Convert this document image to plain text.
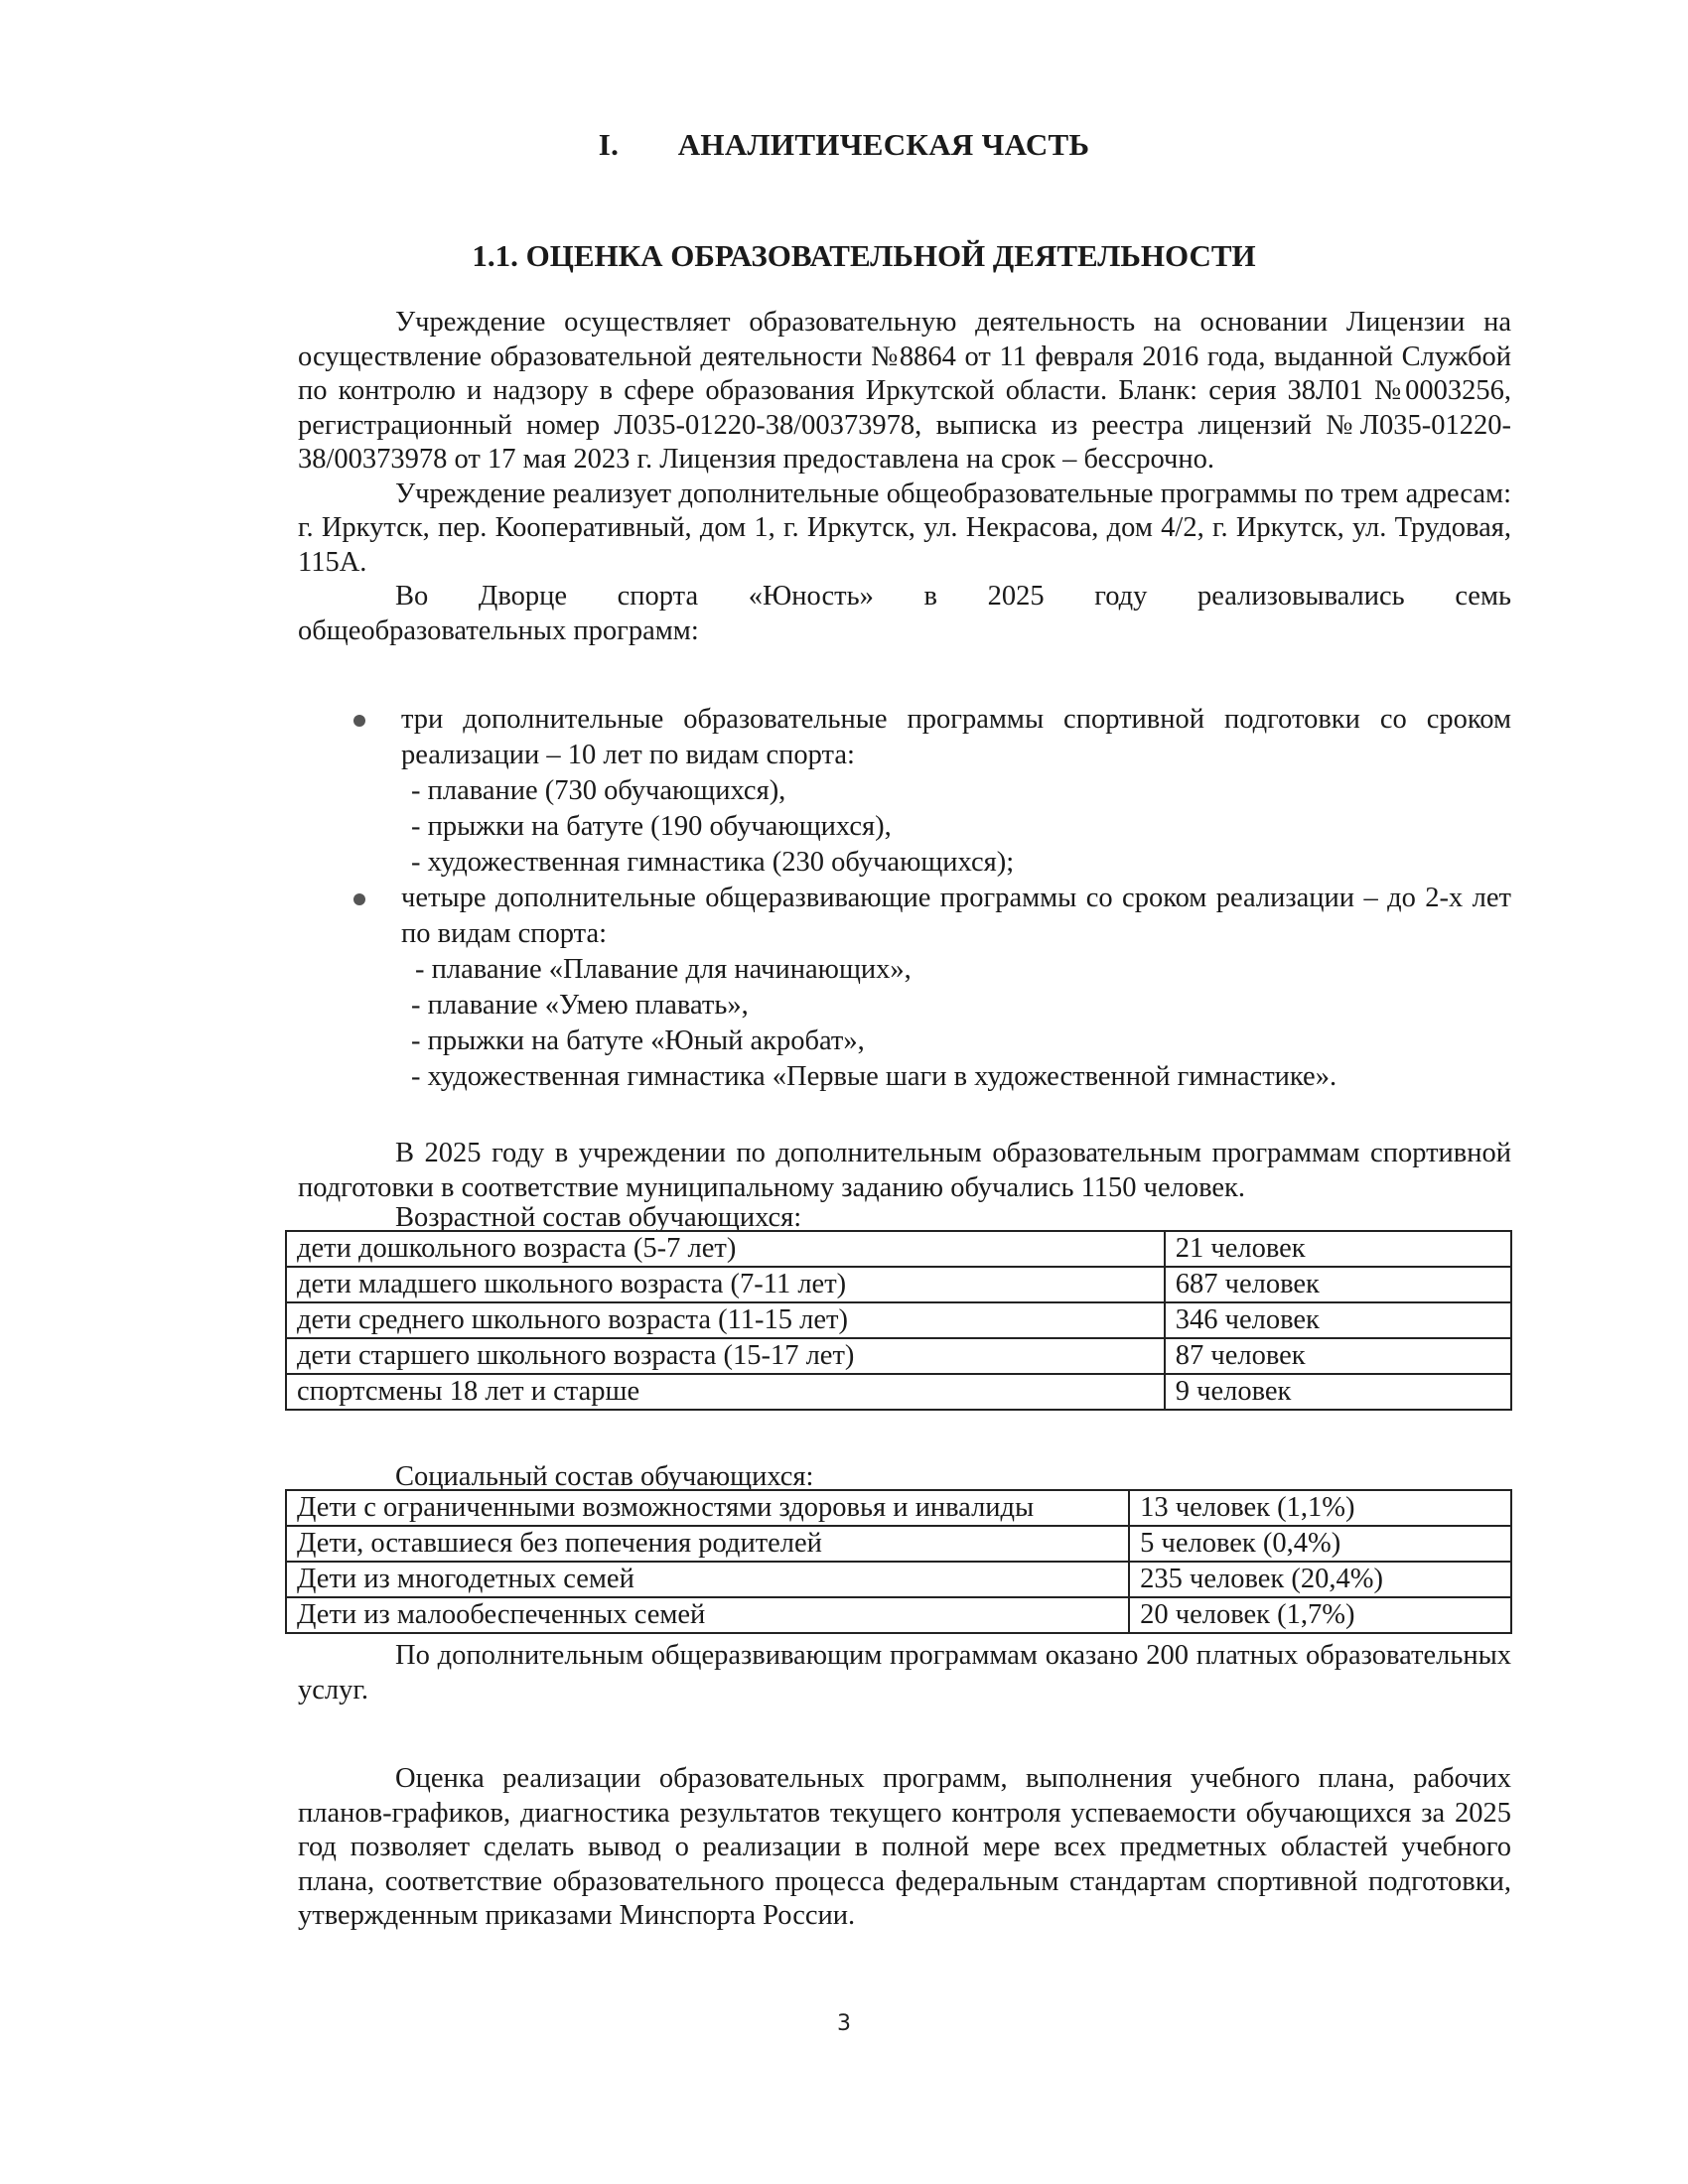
I. АНАЛИТИЧЕСКАЯ ЧАСТЬ
1.1. ОЦЕНКА ОБРАЗОВАТЕЛЬНОЙ ДЕЯТЕЛЬНОСТИ

Учреждение осуществляет образовательную деятельность на основании Лицензии на осуществление образовательной деятельности №8864 от 11 февраля 2016 года, выданной Службой по контролю и надзору в сфере образования Иркутской области. Бланк: серия 38Л01 №0003256, регистрационный номер Л035-01220-38/00373978, выписка из реестра лицензий №Л035-01220-38/00373978 от 17 мая 2023 г. Лицензия предоставлена на срок – бессрочно.

Учреждение реализует дополнительные общеобразовательные программы по трем адресам: г. Иркутск, пер. Кооперативный, дом 1, г. Иркутск, ул. Некрасова, дом 4/2, г. Иркутск, ул. Трудовая, 115А.

Во Дворце спорта «Юность» в 2025 году реализовывались семь

общеобразовательных программ:

три дополнительные образовательные программы спортивной подготовки со сроком реализации – 10 лет по видам спорта:
- плавание (730 обучающихся),
- прыжки на батуте (190 обучающихся),
- художественная гимнастика (230 обучающихся);
четыре дополнительные общеразвивающие программы со сроком реализации – до 2-х лет по видам спорта:
- плавание «Плавание для начинающих»,
- плавание «Умею плавать»,
- прыжки на батуте «Юный акробат»,
- художественная гимнастика «Первые шаги в художественной гимнастике».

В 2025 году в учреждении по дополнительным образовательным программам спортивной подготовки в соответствие муниципальному заданию обучались 1150 человек.

Возрастной состав обучающихся:
дети дошкольного возраста (5-7 лет)	21 человек
дети младшего школьного возраста (7-11 лет)	687 человек
дети среднего школьного возраста (11-15 лет)	346 человек
дети старшего школьного возраста (15-17 лет)	87 человек
спортсмены 18 лет и старше	9 человек
Социальный состав обучающихся:
Дети с ограниченными возможностями здоровья и инвалиды	13 человек (1,1%)
Дети, оставшиеся без попечения родителей	5 человек (0,4%)
Дети из многодетных семей	235 человек (20,4%)
Дети из малообеспеченных семей	20 человек (1,7%)

По дополнительным общеразвивающим программам оказано 200 платных образовательных услуг.

Оценка реализации образовательных программ, выполнения учебного плана, рабочих планов-графиков, диагностика результатов текущего контроля успеваемости обучающихся за 2025 год позволяет сделать вывод о реализации в полной мере всех предметных областей учебного плана, соответствие образовательного процесса федеральным стандартам спортивной подготовки, утвержденным приказами Минспорта России.

3
